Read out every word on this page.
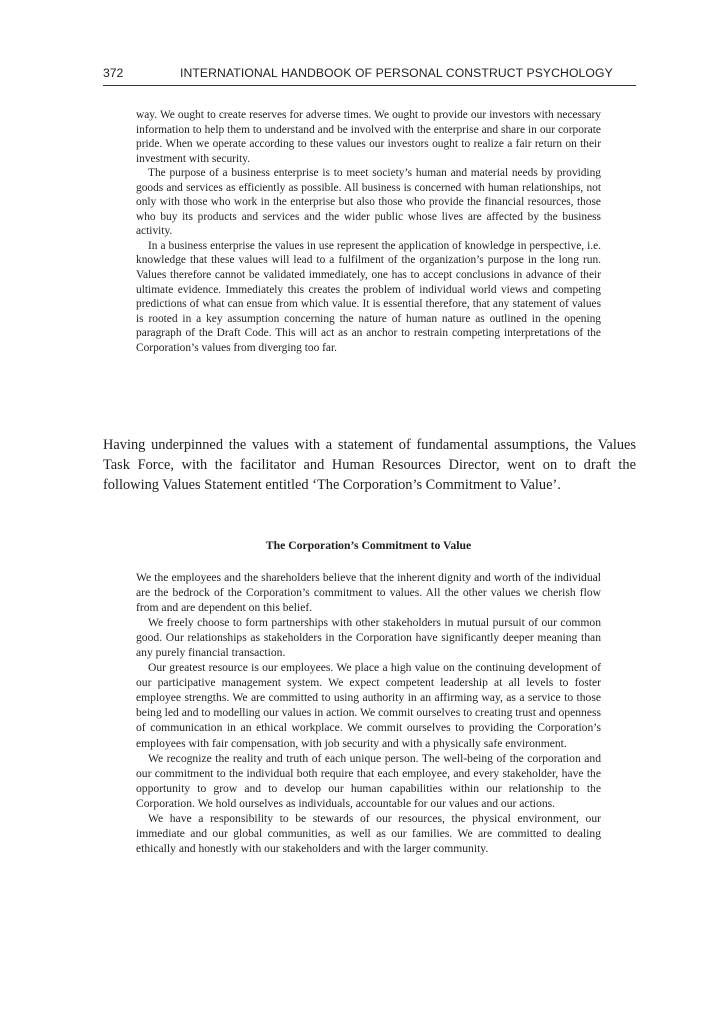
372	INTERNATIONAL HANDBOOK OF PERSONAL CONSTRUCT PSYCHOLOGY

way. We ought to create reserves for adverse times. We ought to provide our investors with necessary information to help them to understand and be involved with the enterprise and share in our corporate pride. When we operate according to these values our investors ought to realize a fair return on their investment with security.

The purpose of a business enterprise is to meet society’s human and material needs by providing goods and services as efficiently as possible. All business is concerned with human relationships, not only with those who work in the enterprise but also those who provide the financial resources, those who buy its products and services and the wider public whose lives are affected by the business activity.

In a business enterprise the values in use represent the application of knowledge in perspective, i.e. knowledge that these values will lead to a fulfilment of the organization’s purpose in the long run. Values therefore cannot be validated immediately, one has to accept conclusions in advance of their ultimate evidence. Immediately this creates the problem of individual world views and competing predictions of what can ensue from which value. It is essential therefore, that any statement of values is rooted in a key assumption concerning the nature of human nature as outlined in the opening paragraph of the Draft Code. This will act as an anchor to restrain competing interpretations of the Corporation’s values from diverging too far.

Having underpinned the values with a statement of fundamental assumptions, the Values Task Force, with the facilitator and Human Resources Director, went on to draft the following Values Statement entitled ‘The Corporation’s Commitment to Value’.

The Corporation’s Commitment to Value

We the employees and the shareholders believe that the inherent dignity and worth of the individual are the bedrock of the Corporation’s commitment to values. All the other values we cherish flow from and are dependent on this belief.

We freely choose to form partnerships with other stakeholders in mutual pursuit of our common good. Our relationships as stakeholders in the Corporation have significantly deeper meaning than any purely financial transaction.

Our greatest resource is our employees. We place a high value on the continuing development of our participative management system. We expect competent leadership at all levels to foster employee strengths. We are committed to using authority in an affirming way, as a service to those being led and to modelling our values in action. We commit ourselves to creating trust and openness of communication in an ethical workplace. We commit ourselves to providing the Corporation’s employees with fair compensation, with job security and with a physically safe environment.

We recognize the reality and truth of each unique person. The well-being of the corporation and our commitment to the individual both require that each employee, and every stakeholder, have the opportunity to grow and to develop our human capabilities within our relationship to the Corporation. We hold ourselves as individuals, accountable for our values and our actions.

We have a responsibility to be stewards of our resources, the physical environment, our immediate and our global communities, as well as our families. We are committed to dealing ethically and honestly with our stakeholders and with the larger community.
